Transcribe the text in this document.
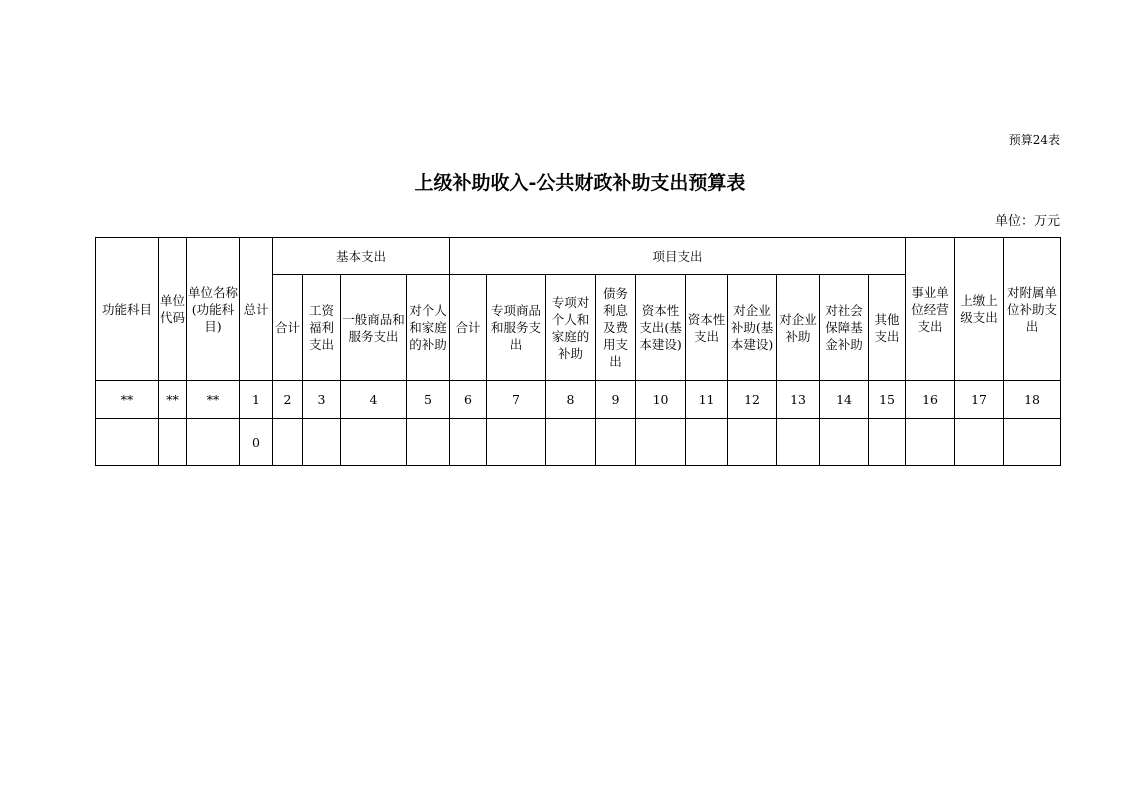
预算24表
上级补助收入-公共财政补助支出预算表
单位：万元
功能科目	单位代码	单位名称(功能科目)	总计	基本支出				项目支出										事业单位经营支出	上缴上级支出	对附属单位补助支出
				合计	工资福利支出	一般商品和服务支出	对个人和家庭的补助	合计	专项商品和服务支出	专项对个人和家庭的补助	债务利息及费用支出	资本性支出(基本建设)	资本性支出	对企业补助(基本建设)	对企业补助	对社会保障基金补助	其他支出			
**	**	**	1	2	3	4	5	6	7	8	9	10	11	12	13	14	15	16	17	18
			0																	
